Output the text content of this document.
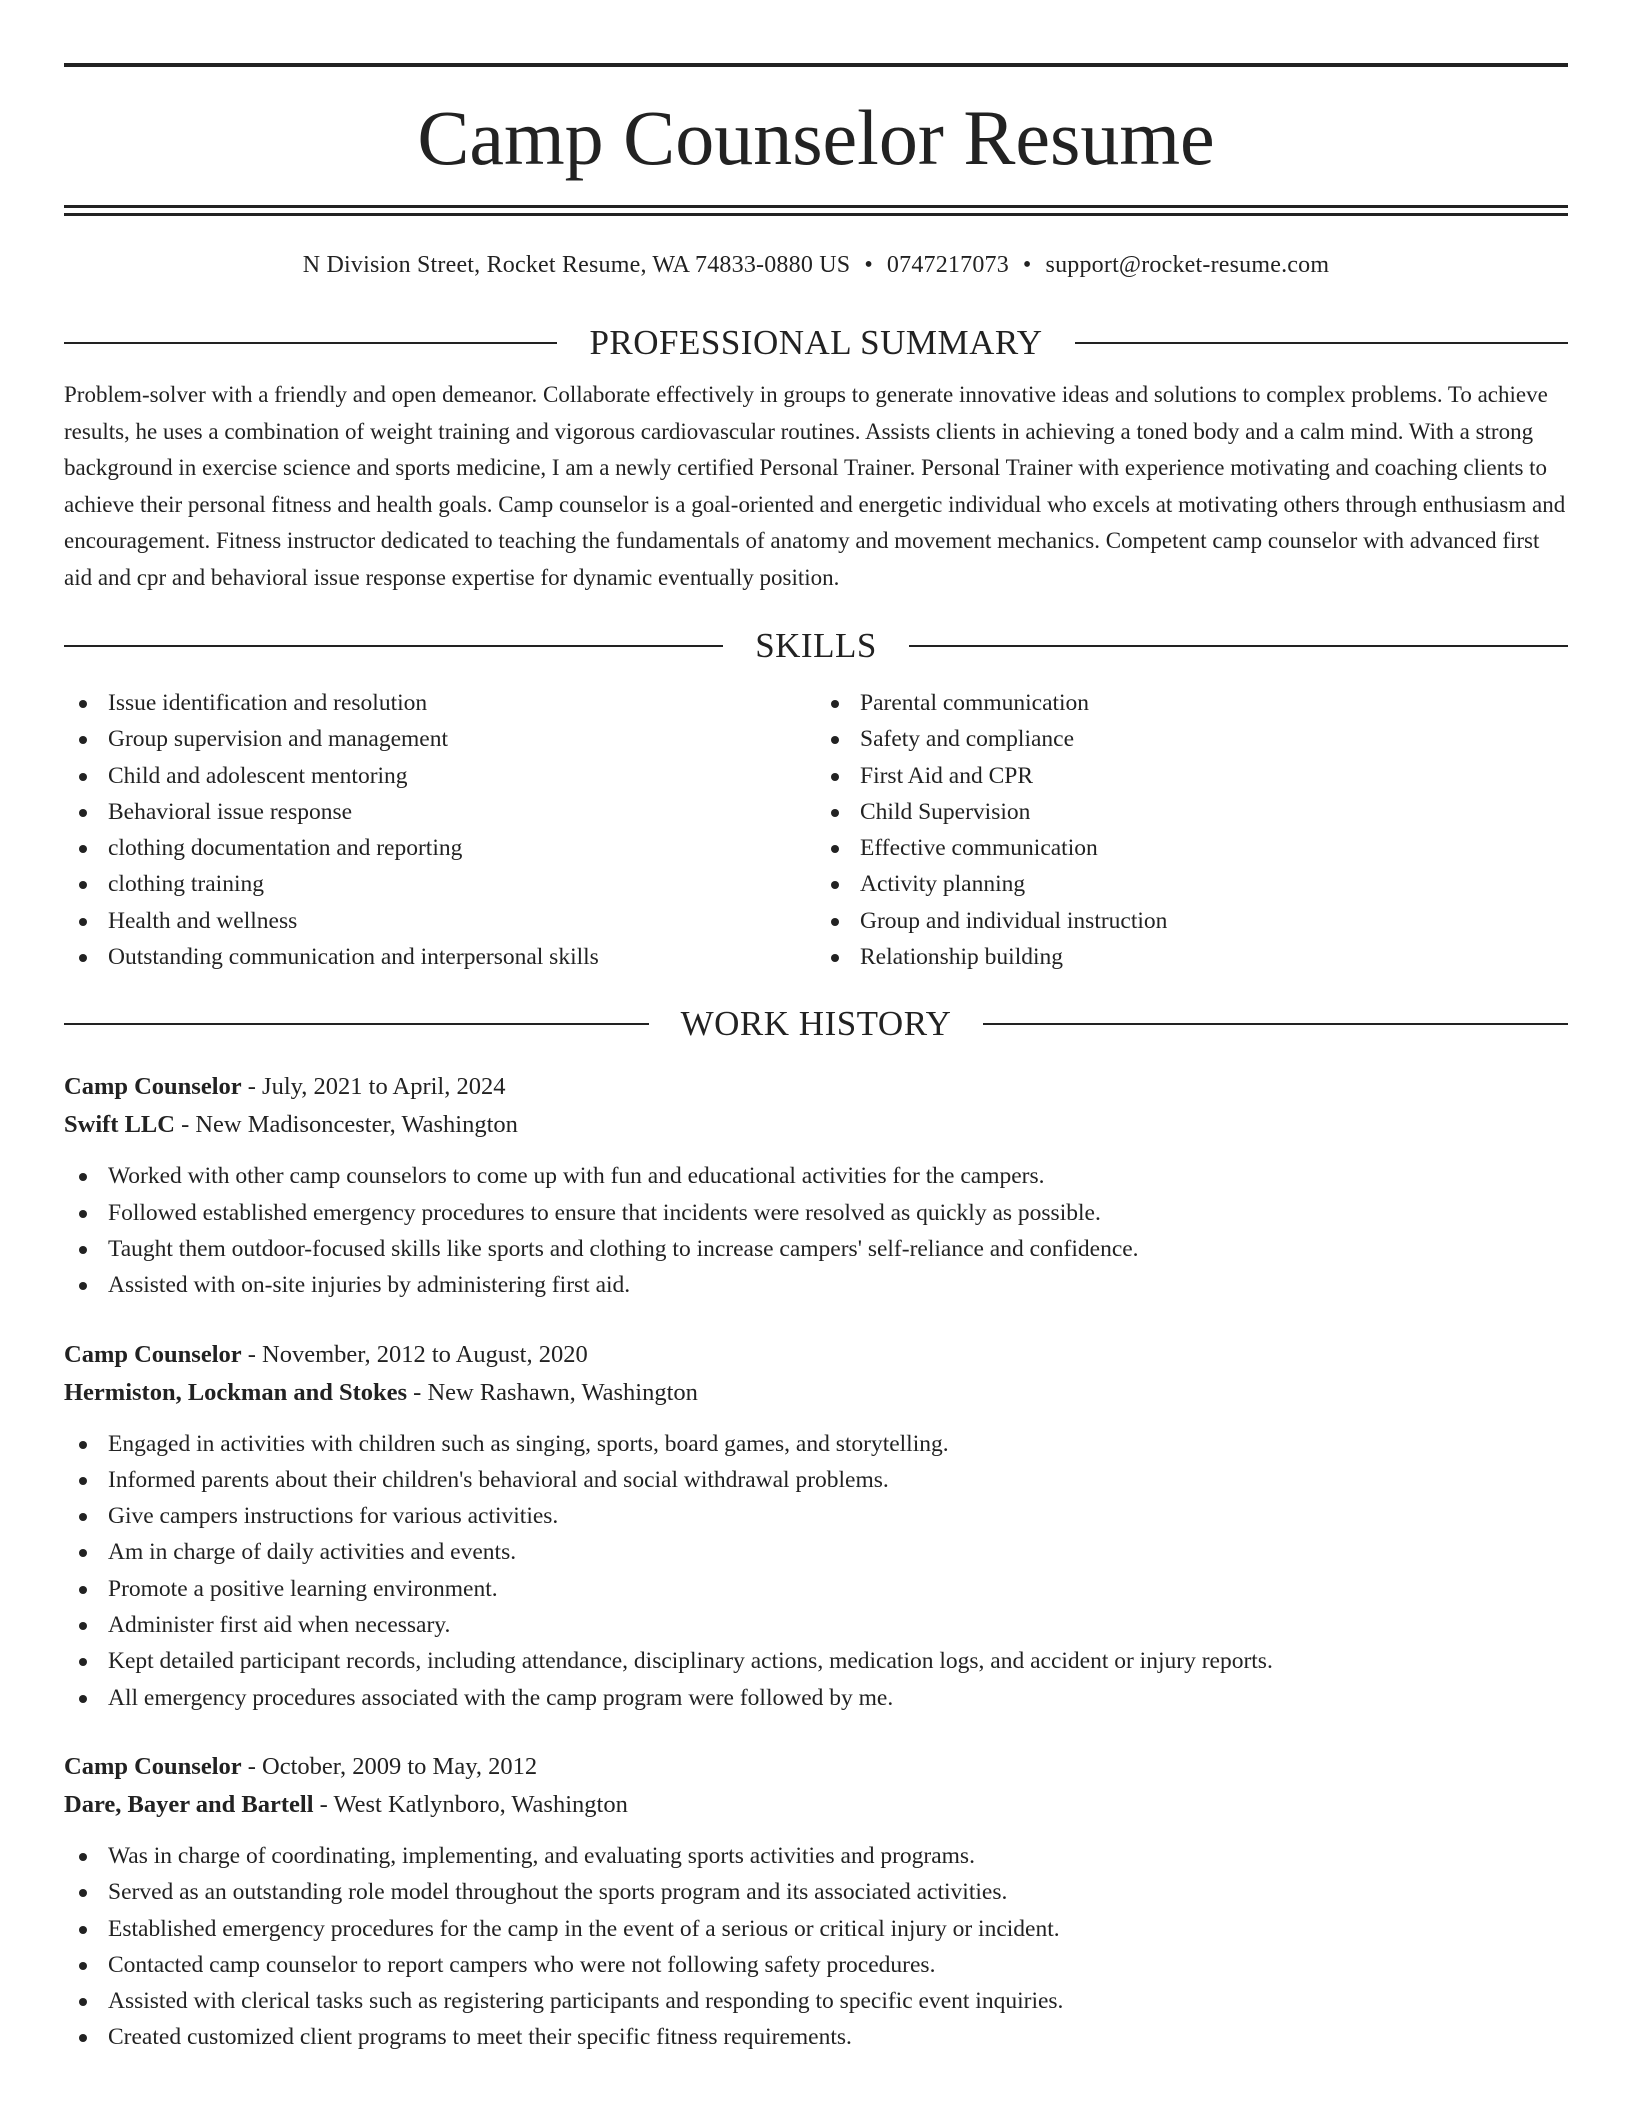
Camp Counselor Resume
N Division Street, Rocket Resume, WA 74833-0880 US • 0747217073 • support@rocket-resume.com
PROFESSIONAL SUMMARY
Problem-solver with a friendly and open demeanor. Collaborate effectively in groups to generate innovative ideas and solutions to complex problems. To achieve results, he uses a combination of weight training and vigorous cardiovascular routines. Assists clients in achieving a toned body and a calm mind. With a strong background in exercise science and sports medicine, I am a newly certified Personal Trainer. Personal Trainer with experience motivating and coaching clients to achieve their personal fitness and health goals. Camp counselor is a goal-oriented and energetic individual who excels at motivating others through enthusiasm and encouragement. Fitness instructor dedicated to teaching the fundamentals of anatomy and movement mechanics. Competent camp counselor with advanced first aid and cpr and behavioral issue response expertise for dynamic eventually position.
SKILLS
Issue identification and resolution
Group supervision and management
Child and adolescent mentoring
Behavioral issue response
clothing documentation and reporting
clothing training
Health and wellness
Outstanding communication and interpersonal skills
Parental communication
Safety and compliance
First Aid and CPR
Child Supervision
Effective communication
Activity planning
Group and individual instruction
Relationship building
WORK HISTORY
Camp Counselor - July, 2021 to April, 2024
Swift LLC - New Madisoncester, Washington
Worked with other camp counselors to come up with fun and educational activities for the campers.
Followed established emergency procedures to ensure that incidents were resolved as quickly as possible.
Taught them outdoor-focused skills like sports and clothing to increase campers' self-reliance and confidence.
Assisted with on-site injuries by administering first aid.
Camp Counselor - November, 2012 to August, 2020
Hermiston, Lockman and Stokes - New Rashawn, Washington
Engaged in activities with children such as singing, sports, board games, and storytelling.
Informed parents about their children's behavioral and social withdrawal problems.
Give campers instructions for various activities.
Am in charge of daily activities and events.
Promote a positive learning environment.
Administer first aid when necessary.
Kept detailed participant records, including attendance, disciplinary actions, medication logs, and accident or injury reports.
All emergency procedures associated with the camp program were followed by me.
Camp Counselor - October, 2009 to May, 2012
Dare, Bayer and Bartell - West Katlynboro, Washington
Was in charge of coordinating, implementing, and evaluating sports activities and programs.
Served as an outstanding role model throughout the sports program and its associated activities.
Established emergency procedures for the camp in the event of a serious or critical injury or incident.
Contacted camp counselor to report campers who were not following safety procedures.
Assisted with clerical tasks such as registering participants and responding to specific event inquiries.
Created customized client programs to meet their specific fitness requirements.
